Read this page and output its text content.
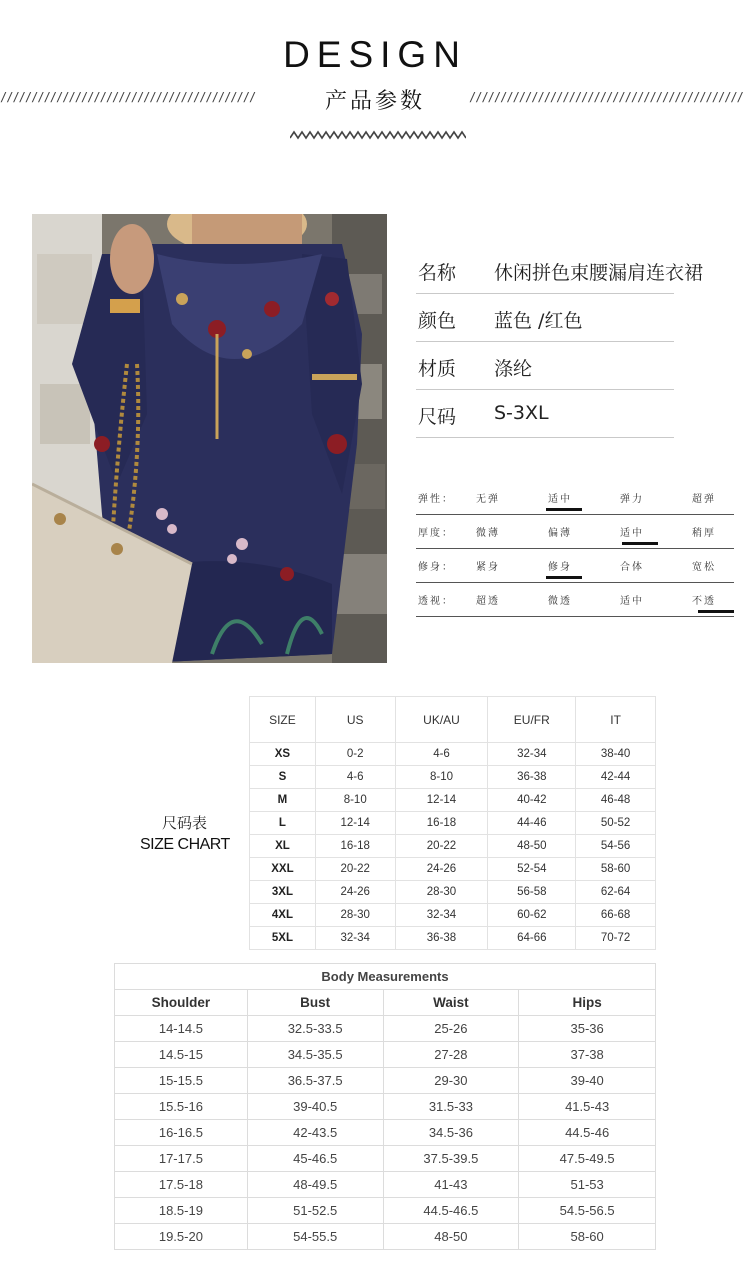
DESIGN
/////////////////////////////////////////	产品参数	////////////////////////////////////////////
名称 休闲拼色束腰漏肩连衣裙
颜色 蓝色 /红色
材质 涤纶
尺码 S-3XL
弹性： 无弹	适中	弹力	超弹
厚度： 微薄	偏薄	适中	稍厚
修身： 紧身	修身	合体	宽松
透视： 超透	微透	适中	不透
尺码表
SIZE CHART
SIZE	US	UK/AU	EU/FR	IT
XS	0-2	4-6	32-34	38-40
S	4-6	8-10	36-38	42-44
M	8-10	12-14	40-42	46-48
L	12-14	16-18	44-46	50-52
XL	16-18	20-22	48-50	54-56
XXL	20-22	24-26	52-54	58-60
3XL	24-26	28-30	56-58	62-64
4XL	28-30	32-34	60-62	66-68
5XL	32-34	36-38	64-66	70-72
Body Measurements			
Shoulder	Bust	Waist	Hips
14-14.5	32.5-33.5	25-26	35-36
14.5-15	34.5-35.5	27-28	37-38
15-15.5	36.5-37.5	29-30	39-40
15.5-16	39-40.5	31.5-33	41.5-43
16-16.5	42-43.5	34.5-36	44.5-46
17-17.5	45-46.5	37.5-39.5	47.5-49.5
17.5-18	48-49.5	41-43	51-53
18.5-19	51-52.5	44.5-46.5	54.5-56.5
19.5-20	54-55.5	48-50	58-60
